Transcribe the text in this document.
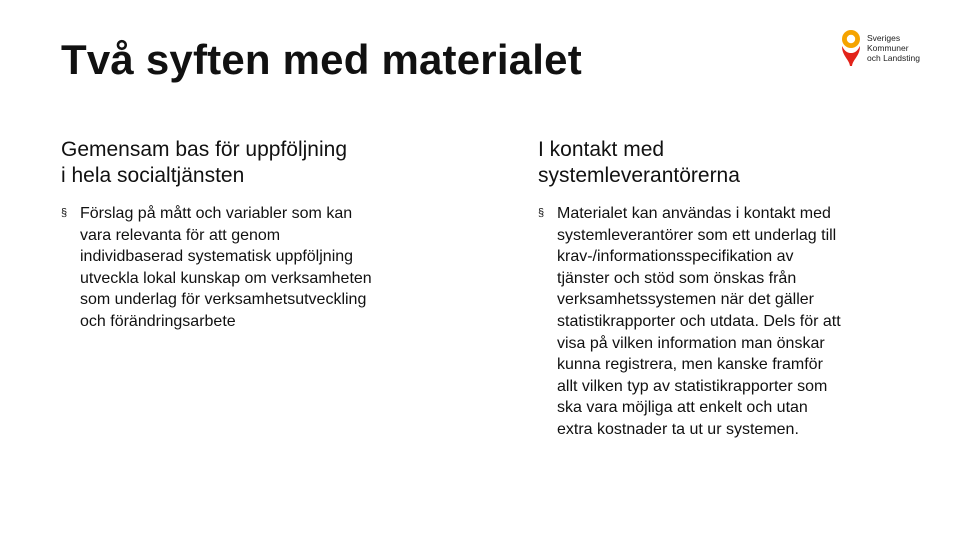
Två syften med materialet	Sveriges
Kommuner
och Landsting
Gemensam bas för uppföljning
i hela socialtjänsten
§ Förslag på mått och variabler som kan
vara relevanta för att genom
individbaserad systematisk uppföljning
utveckla lokal kunskap om verksamheten
som underlag för verksamhetsutveckling
och förändringsarbete
I kontakt med
systemleverantörerna
§ Materialet kan användas i kontakt med
systemleverantörer som ett underlag till
krav-/informationsspecifikation av
tjänster och stöd som önskas från
verksamhetssystemen när det gäller
statistikrapporter och utdata. Dels för att
visa på vilken information man önskar
kunna registrera, men kanske framför
allt vilken typ av statistikrapporter som
ska vara möjliga att enkelt och utan
extra kostnader ta ut ur systemen.
